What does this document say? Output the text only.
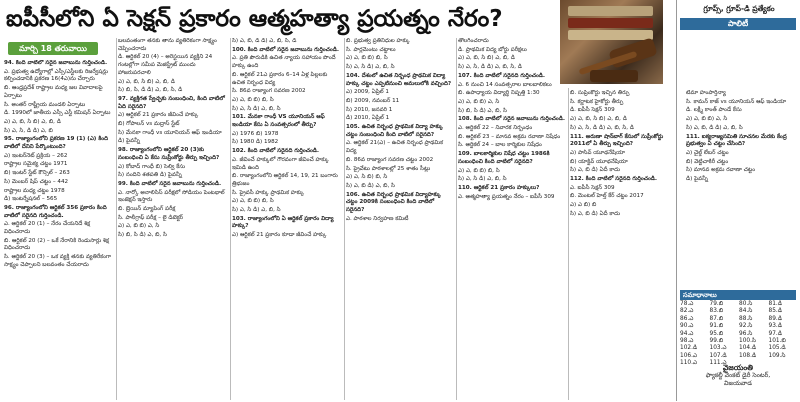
ఐపీసీలోని ఏ సెక్షన్ ప్రకారం ఆత్మహత్యా ప్రయత్నం నేరం?
మార్చి 18 తరువాయి

94. కింది వాటిలో సరైన జవాబును గుర్తించండి.

ఎ. ప్రభుత్వ ఉద్యోగాల్లో ఎస్సీ/ఎస్టీలకు రిజర్వేషన్లు కల్పించడానికి ప్రకరణ 16(4ఎ)ను చేర్చారు

బి. ఆంధ్రప్రదేశ్ రాష్ట్రాల మధ్య జల వివాదాలపై ఏర్పాటు

సి. అంతర్ రాష్ట్రీయ మండలి ఏర్పాటు

డి. 1990లో జాతీయ ఎస్సీ ఎస్టీ కమిషన్ ఏర్పాటు

ఎ) ఎ, బి, సి బి) ఎ, బి, డి

సి) ఎ, సి, డి డి) ఎ, బి

95. రాజ్యాంగంలోని ప్రకరణ 19 (1) (ఎ) కింది వాటిలో దేనిని పేర్కొంటుంది?

ఎ) ఇంటర్‌నెట్ ప్రక్రియ – 262

రాష్ట్రాల సమైక్య చట్టం 1971

బి) ఇంటర్ స్టేట్ కౌన్సిల్ – 263

సి) మెంబర్ షిప్ చట్టం – 442

రాష్ట్రాల మధ్య చట్టం 1978

డి) ఇంటర్నేషనల్ – 565

96. రాజ్యాంగంలోని ఆర్టికల్ 356 ప్రకారం కింది వాటిలో సరైనది గుర్తించండి.

ఎ. ఆర్టికల్ 20 (1) – నేరం చేయనిదే శిక్ష విధించరాదు

బి. ఆర్టికల్ 20 (2) – ఒకే నేరానికి రెండుసార్లు శిక్ష విధించరాదు

సి. ఆర్టికల్ 20 (3) – ఒక వ్యక్తి తనకు వ్యతిరేకంగా సాక్ష్యం చెప్పాలని బలవంతం చేయరాదు

బలవంతంగా తనకు తాను వ్యతిరేకంగా సాక్ష్యం చెప్పించరాదు

డి. ఆర్టికల్ 20 (4) – అరెస్టయిన వ్యక్తిని 24 గంటల్లోగా సమీప మెజిస్ట్రేట్ ముందు హాజరుపరచాలి

ఎ) ఎ, బి, సి బి) ఎ, బి, డి

సి) బి, సి, డి డి) ఎ, బి, సి, డి

97. వ్యక్తిగత స్వేచ్ఛకు సంబంధించి, కింది వాటిలో ఏది సరైనది?

ఎ) ఆర్టికల్ 21 ప్రకారం జీవించే హక్కు

బి) గోపాలన్ vs మద్రాస్ స్టేట్

సి) మేనకా గాంధీ vs యూనియన్ ఆఫ్ ఇండియా

డి) పైవన్నీ

98. రాజ్యాంగంలోని ఆర్టికల్ 20 (3)కు సంబంధించి ఏ కేసు సుప్రీంకోర్టు తీర్పు ఇచ్చింది?

ఎ) కోబాద్ గాంధీ బి) సెల్వి కేసు

సి) నందిని శతపతి డి) పైవన్నీ

99. కింది వాటిలో సరైన జవాబును గుర్తించండి.

ఎ. నార్కో అనాలిసిస్ పరీక్షలో సోడియం పెంటథాల్ ఇంజెక్షన్ ఇస్తారు

బి. బ్రెయిన్ మ్యాపింగ్ పరీక్ష

సి. పాలీగ్రాఫ్ పరీక్ష – లై డిటెక్టర్

ఎ) ఎ, బి బి) ఎ, సి

సి) బి, సి డి) ఎ, బి, సి

సి) ఎ, బి, డి డి) ఎ, బి, సి, డి

100. కింది వాటిలో సరైన జవాబును గుర్తించండి.

ఎ. ప్రతి పౌరుడికి ఉచిత న్యాయ సహాయం పొందే హక్కు ఉంది

బి. ఆర్టికల్ 21ఎ ప్రకారం 6–14 ఏళ్ల పిల్లలకు ఉచిత నిర్బంధ విద్య

సి. 86వ రాజ్యాంగ సవరణ 2002

ఎ) ఎ, బి బి) బి, సి

సి) ఎ, సి డి) ఎ, బి, సి

101. మేనకా గాంధీ VS యూనియన్ ఆఫ్ ఇండియా కేసు ఏ సంవత్సరంలో తీర్పు?

ఎ) 1976 బి) 1978

సి) 1980 డి) 1982

102. కింది వాటిలో సరైనది గుర్తించండి.

ఎ. జీవించే హక్కులో గౌరవంగా జీవించే హక్కు ఇమిడి ఉంది

బి. రాజ్యాంగంలోని ఆర్టికల్ 14, 19, 21 బంగారు త్రిభుజం

సి. ప్రైవసీ హక్కు ప్రాథమిక హక్కు

ఎ) ఎ, బి బి) బి, సి

సి) ఎ, సి డి) ఎ, బి, సి

103. రాజ్యాంగంలోని ఏ ఆర్టికల్ ప్రకారం విద్యా హక్కు?

ఎ) ఆర్టికల్ 21 ప్రకారం కూడా జీవించే హక్కు

బి. ప్రభుత్వ ప్రతినిధుల హక్కు

సి. పార్లమెంటు చట్టాలు

ఎ) ఎ, బి బి) బి, సి

సి) ఎ, సి డి) ఎ, బి, సి

104. దేశంలో ఉచిత నిర్బంధ ప్రాథమిక విద్యా హక్కు చట్టం ఎప్పటినుంచి అమలులోకి వచ్చింది?

ఎ) 2009, ఏప్రిల్ 1

బి) 2009, నవంబర్ 11

సి) 2010, జనవరి 1

డి) 2010, ఏప్రిల్ 1

105. ఉచిత నిర్బంధ ప్రాథమిక విద్యా హక్కు చట్టం సంబంధించి కింది వాటిలో సరైనది?

ఎ. ఆర్టికల్ 21(ఎ) – ఉచిత నిర్బంధ ప్రాథమిక విద్య

బి. 86వ రాజ్యాంగ సవరణ చట్టం 2002

సి. ప్రైవేటు పాఠశాలల్లో 25 శాతం సీట్లు

ఎ) ఎ, సి బి) బి, సి

సి) ఎ, బి డి) ఎ, బి, సి

106. ఉచిత నిర్బంధ ప్రాథమిక విద్యాహక్కు చట్టం 2009కి సంబంధించి కింది వాటిలో సరైనది?

ఎ. పాఠశాల నిర్వహణ కమిటీ

తొలగించరాదు

డి. ప్రాథమిక విద్య బోర్డు పరీక్షలు

ఎ) ఎ, బి, సి బి) ఎ, బి, డి

సి) ఎ, సి, డి డి) ఎ, బి, సి, డి

107. కింది వాటిలో సరైనది గుర్తించండి.

ఎ. 6 నుంచి 14 సంవత్సరాల బాలబాలికలు

బి. ఉపాధ్యాయ విద్యార్థి నిష్పత్తి 1:30

ఎ) ఎ, బి బి) ఎ, సి

సి) బి, సి డి) ఎ, బి, సి

108. కింది వాటిలో సరైన జవాబును గుర్తించండి.

ఎ. ఆర్టికల్ 22 – నివారక నిర్బంధం

బి. ఆర్టికల్ 23 – మానవ అక్రమ రవాణా నిషేధం

సి. ఆర్టికల్ 24 – బాల కార్మికుల నిషేధం

109. బాలకార్మికుల నిషేధ చట్టం 1986కి సంబంధించి కింది వాటిలో సరైనది?

ఎ) ఎ, బి బి) బి, సి

సి) ఎ, సి డి) ఎ, బి, సి

110. ఆర్టికల్ 21 ప్రకారం హక్కులు?

ఎ. ఆత్మహత్యా ప్రయత్నం నేరం – ఐపీసీ 309

బి. సుప్రీంకోర్టు ఇచ్చిన తీర్పు

సి. కర్ణాటక హైకోర్టు తీర్పు

డి. ఐపీసీ సెక్షన్ 309

ఎ) ఎ, బి, సి బి) ఎ, బి, డి

సి) ఎ, సి, డి డి) ఎ, బి, సి, డి

111. అరుణా షాన్‌బాగ్ కేసులో సుప్రీంకోర్టు 2011లో ఏ తీర్పు ఇచ్చింది?

ఎ) పాసివ్ యూథనేషియా

బి) యాక్టివ్ యూథనేషియా

సి) ఎ, బి డి) ఏదీ కాదు

112. కింది వాటిలో సరైనది గుర్తించండి.

ఎ. ఐపీసీ సెక్షన్ 309

బి. మెంటల్ హెల్త్ కేర్ చట్టం 2017

ఎ) ఎ బి) బి

సి) ఎ, బి డి) ఏదీ కాదు

గ్రూప్స్, గ్రూప్-డి ప్రత్యేకం
పాలిటీ

టీమా హంపార్తిన్యా

సి. కామన్ కాజ్ vs యూనియన్ ఆఫ్ ఇండియా

డి. లక్ష్మీ కాంత్ పాండే కేసు

ఎ) ఎ, బి బి) ఎ, సి

సి) ఎ, బి, డి డి) ఎ, బి, సి

111. ఐక్యరాజ్యసమితి సూచనల మేరకు కేంద్ర ప్రభుత్వం ఏ చట్టం చేసింది?

ఎ) చైల్డ్ లేబర్ చట్టం

బి) వెట్టిచాకిరీ చట్టం

సి) మానవ అక్రమ రవాణా చట్టం

డి) పైవన్నీ

సమాధానాలు
78.ఎ	79.బి	80.సి	81.డి
82.ఎ	83.బి	84.సి	85.డి
86.ఎ	87.బి	88.సి	89.డి
90.ఎ	91.బి	92.సి	93.డి
94.ఎ	95.బి	96.సి	97.డి
98.ఎ	99.బి	100.సి	101.బి
102.డి	103.ఎ	104.డి	105.డి
106.ఎ	107.డి	108.డి	109.సి
110.ఎ	111.ఎ
వైజయంతి
ఫ్యాకల్టీ వెంకట్ డైరీ సెంటర్,
విజయవాడ
